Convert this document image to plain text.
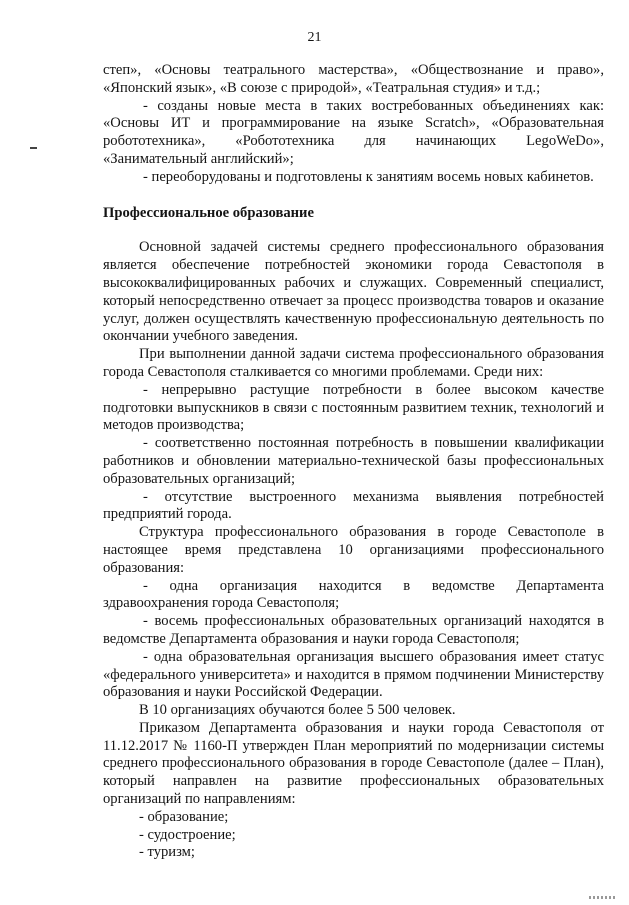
21

степ», «Основы театрального мастерства», «Обществознание и право», «Японский язык», «В союзе с природой», «Театральная студия» и т.д.;

- созданы новые места в таких востребованных объединениях как: «Основы ИТ и программирование на языке Scratch», «Образовательная робототехника», «Робототехника для начинающих LegoWeDo», «Занимательный английский»;

- переоборудованы и подготовлены к занятиям восемь новых кабинетов.

Профессиональное образование

Основной задачей системы среднего профессионального образования является обеспечение потребностей экономики города Севастополя в высококвалифицированных рабочих и служащих. Современный специалист, который непосредственно отвечает за процесс производства товаров и оказание услуг, должен осуществлять качественную профессиональную деятельность по окончании учебного заведения.

При выполнении данной задачи система профессионального образования города Севастополя сталкивается со многими проблемами. Среди них:

- непрерывно растущие потребности в более высоком качестве подготовки выпускников в связи с постоянным развитием техник, технологий и методов производства;

- соответственно постоянная потребность в повышении квалификации работников и обновлении материально-технической базы профессиональных образовательных организаций;

- отсутствие выстроенного механизма выявления потребностей предприятий города.

Структура профессионального образования в городе Севастополе в настоящее время представлена 10 организациями профессионального образования:

- одна организация находится в ведомстве Департамента здравоохранения города Севастополя;

- восемь профессиональных образовательных организаций находятся в ведомстве Департамента образования и науки города Севастополя;

- одна образовательная организация высшего образования имеет статус «федерального университета» и находится в прямом подчинении Министерству образования и науки Российской Федерации.

В 10 организациях обучаются более 5 500 человек.

Приказом Департамента образования и науки города Севастополя от 11.12.2017 № 1160-П утвержден План мероприятий по модернизации системы среднего профессионального образования в городе Севастополе (далее – План), который направлен на развитие профессиональных образовательных организаций по направлениям:

- образование;

- судостроение;

- туризм;
